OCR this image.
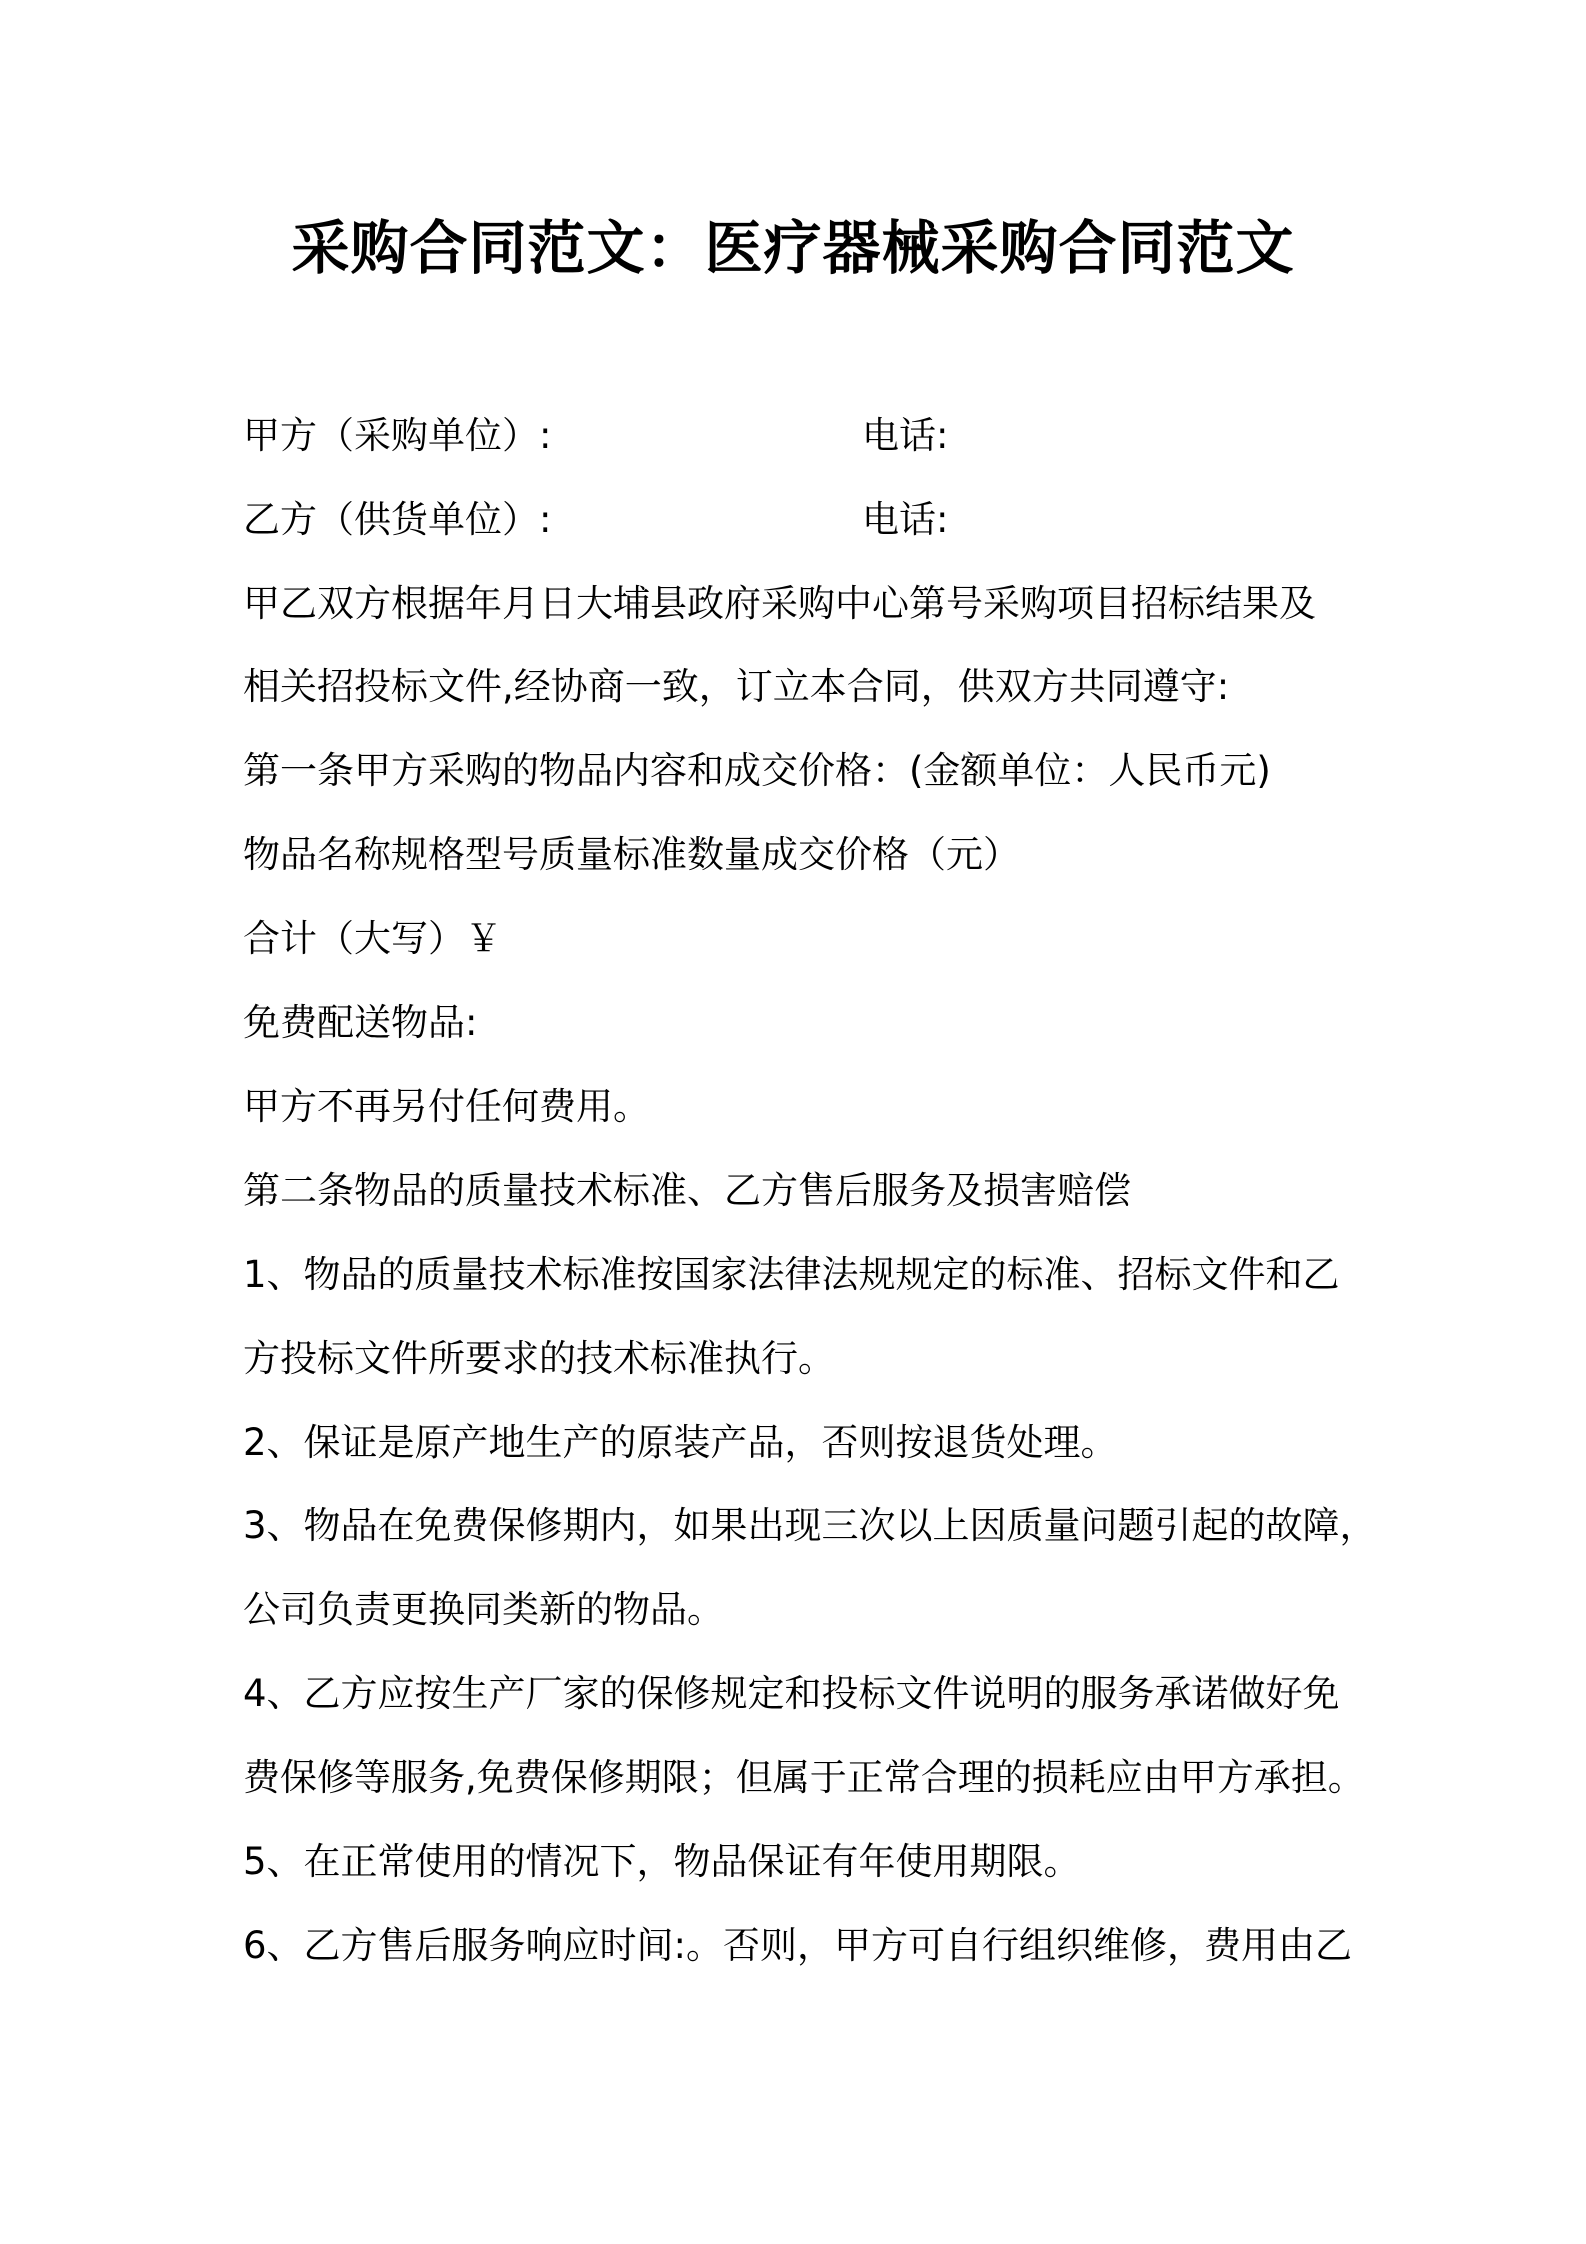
采购合同范文：医疗器械采购合同范文
甲方（采购单位）:	电话:
乙方（供货单位）:	电话:
甲乙双方根据年月日大埔县政府采购中心第号采购项目招标结果及
相关招投标文件,经协商一致，订立本合同，供双方共同遵守:
第一条甲方采购的物品内容和成交价格：(金额单位：人民币元)
物品名称规格型号质量标准数量成交价格（元）
合计（大写）￥
免费配送物品:
甲方不再另付任何费用。
第二条物品的质量技术标准、乙方售后服务及损害赔偿
1、物品的质量技术标准按国家法律法规规定的标准、招标文件和乙
方投标文件所要求的技术标准执行。
2、保证是原产地生产的原装产品，否则按退货处理。
3、物品在免费保修期内，如果出现三次以上因质量问题引起的故障，
公司负责更换同类新的物品。
4、乙方应按生产厂家的保修规定和投标文件说明的服务承诺做好免
费保修等服务,免费保修期限；但属于正常合理的损耗应由甲方承担。
5、在正常使用的情况下，物品保证有年使用期限。
6、乙方售后服务响应时间:。否则，甲方可自行组织维修，费用由乙
